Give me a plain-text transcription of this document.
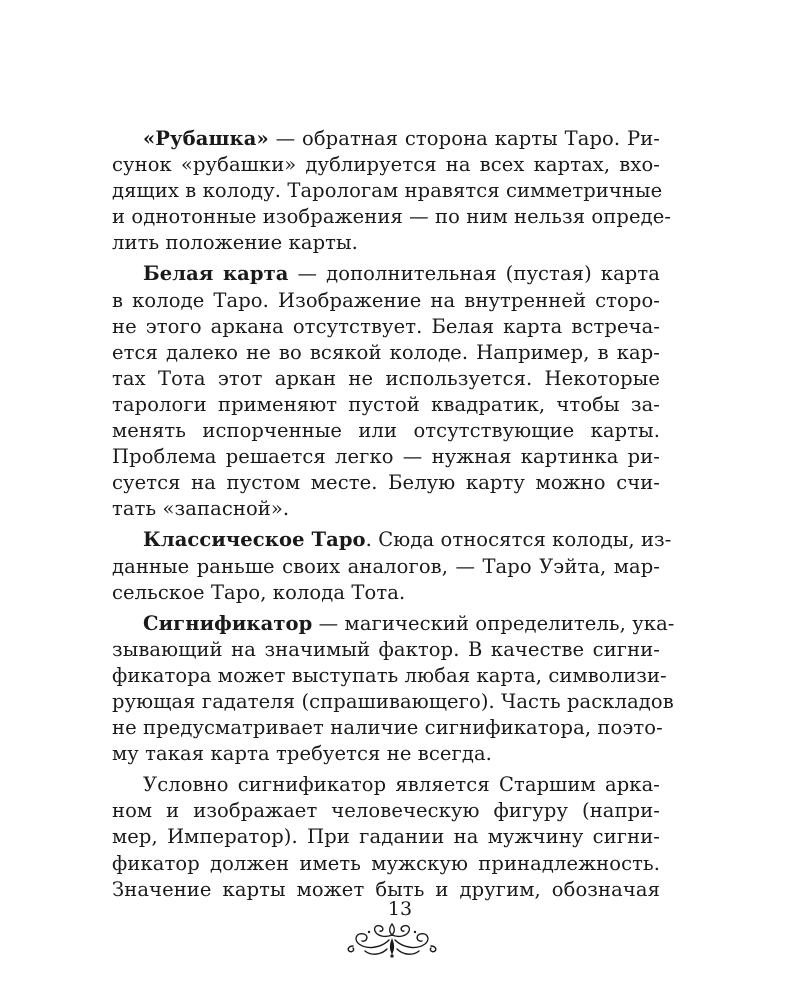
«Рубашка» — обратная сторона карты Таро. Ри-
сунок «рубашки» дублируется на всех картах, вхо-
дящих в колоду. Тарологам нравятся симметричные
и однотонные изображения — по ним нельзя опреде-
лить положение карты.
Белая карта — дополнительная (пустая) карта
в колоде Таро. Изображение на внутренней сторо-
не этого аркана отсутствует. Белая карта встреча-
ется далеко не во всякой колоде. Например, в кар-
тах Тота этот аркан не используется. Некоторые
тарологи применяют пустой квадратик, чтобы за-
менять испорченные или отсутствующие карты.
Проблема решается легко — нужная картинка ри-
суется на пустом месте. Белую карту можно счи-
тать «запасной».
Классическое Таро. Сюда относятся колоды, из-
данные раньше своих аналогов, — Таро Уэйта, мар-
сельское Таро, колода Тота.
Сигнификатор — магический определитель, ука-
зывающий на значимый фактор. В качестве сигни-
фикатора может выступать любая карта, символизи-
рующая гадателя (спрашивающего). Часть раскладов
не предусматривает наличие сигнификатора, поэто-
му такая карта требуется не всегда.
Условно сигнификатор является Старшим арка-
ном и изображает человеческую фигуру (напри-
мер, Император). При гадании на мужчину сигни-
фикатор должен иметь мужскую принадлежность.
Значение карты может быть и другим, обозначая
13
